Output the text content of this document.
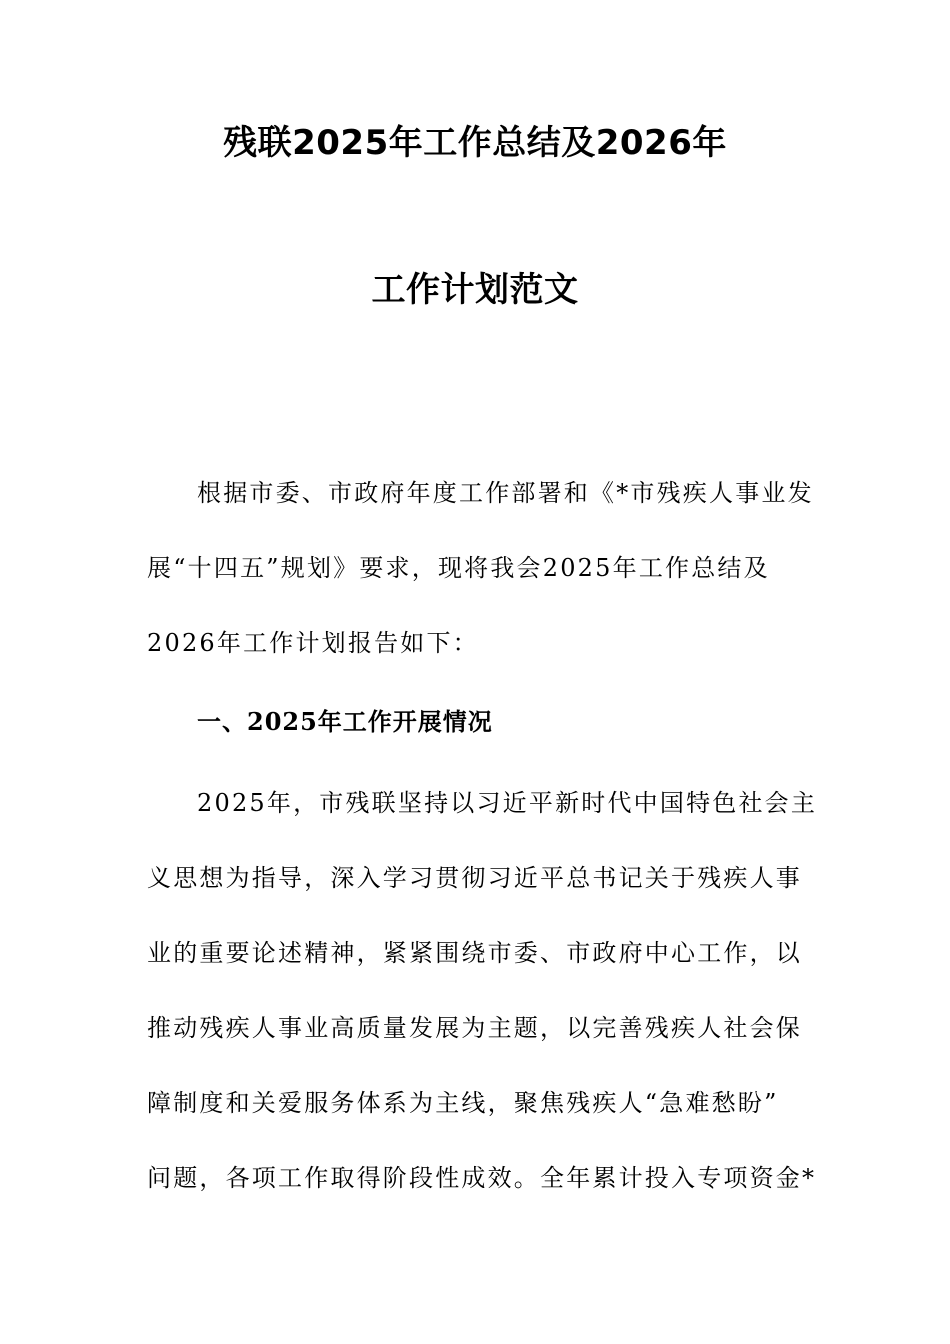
残联2025年工作总结及2026年
工作计划范文
根据市委、市政府年度工作部署和《*市残疾人事业发
展“十四五”规划》要求，现将我会2025年工作总结及
2026年工作计划报告如下：
一、2025年工作开展情况
2025年，市残联坚持以习近平新时代中国特色社会主
义思想为指导，深入学习贯彻习近平总书记关于残疾人事
业的重要论述精神，紧紧围绕市委、市政府中心工作，以
推动残疾人事业高质量发展为主题，以完善残疾人社会保
障制度和关爱服务体系为主线，聚焦残疾人“急难愁盼”
问题，各项工作取得阶段性成效。全年累计投入专项资金*
